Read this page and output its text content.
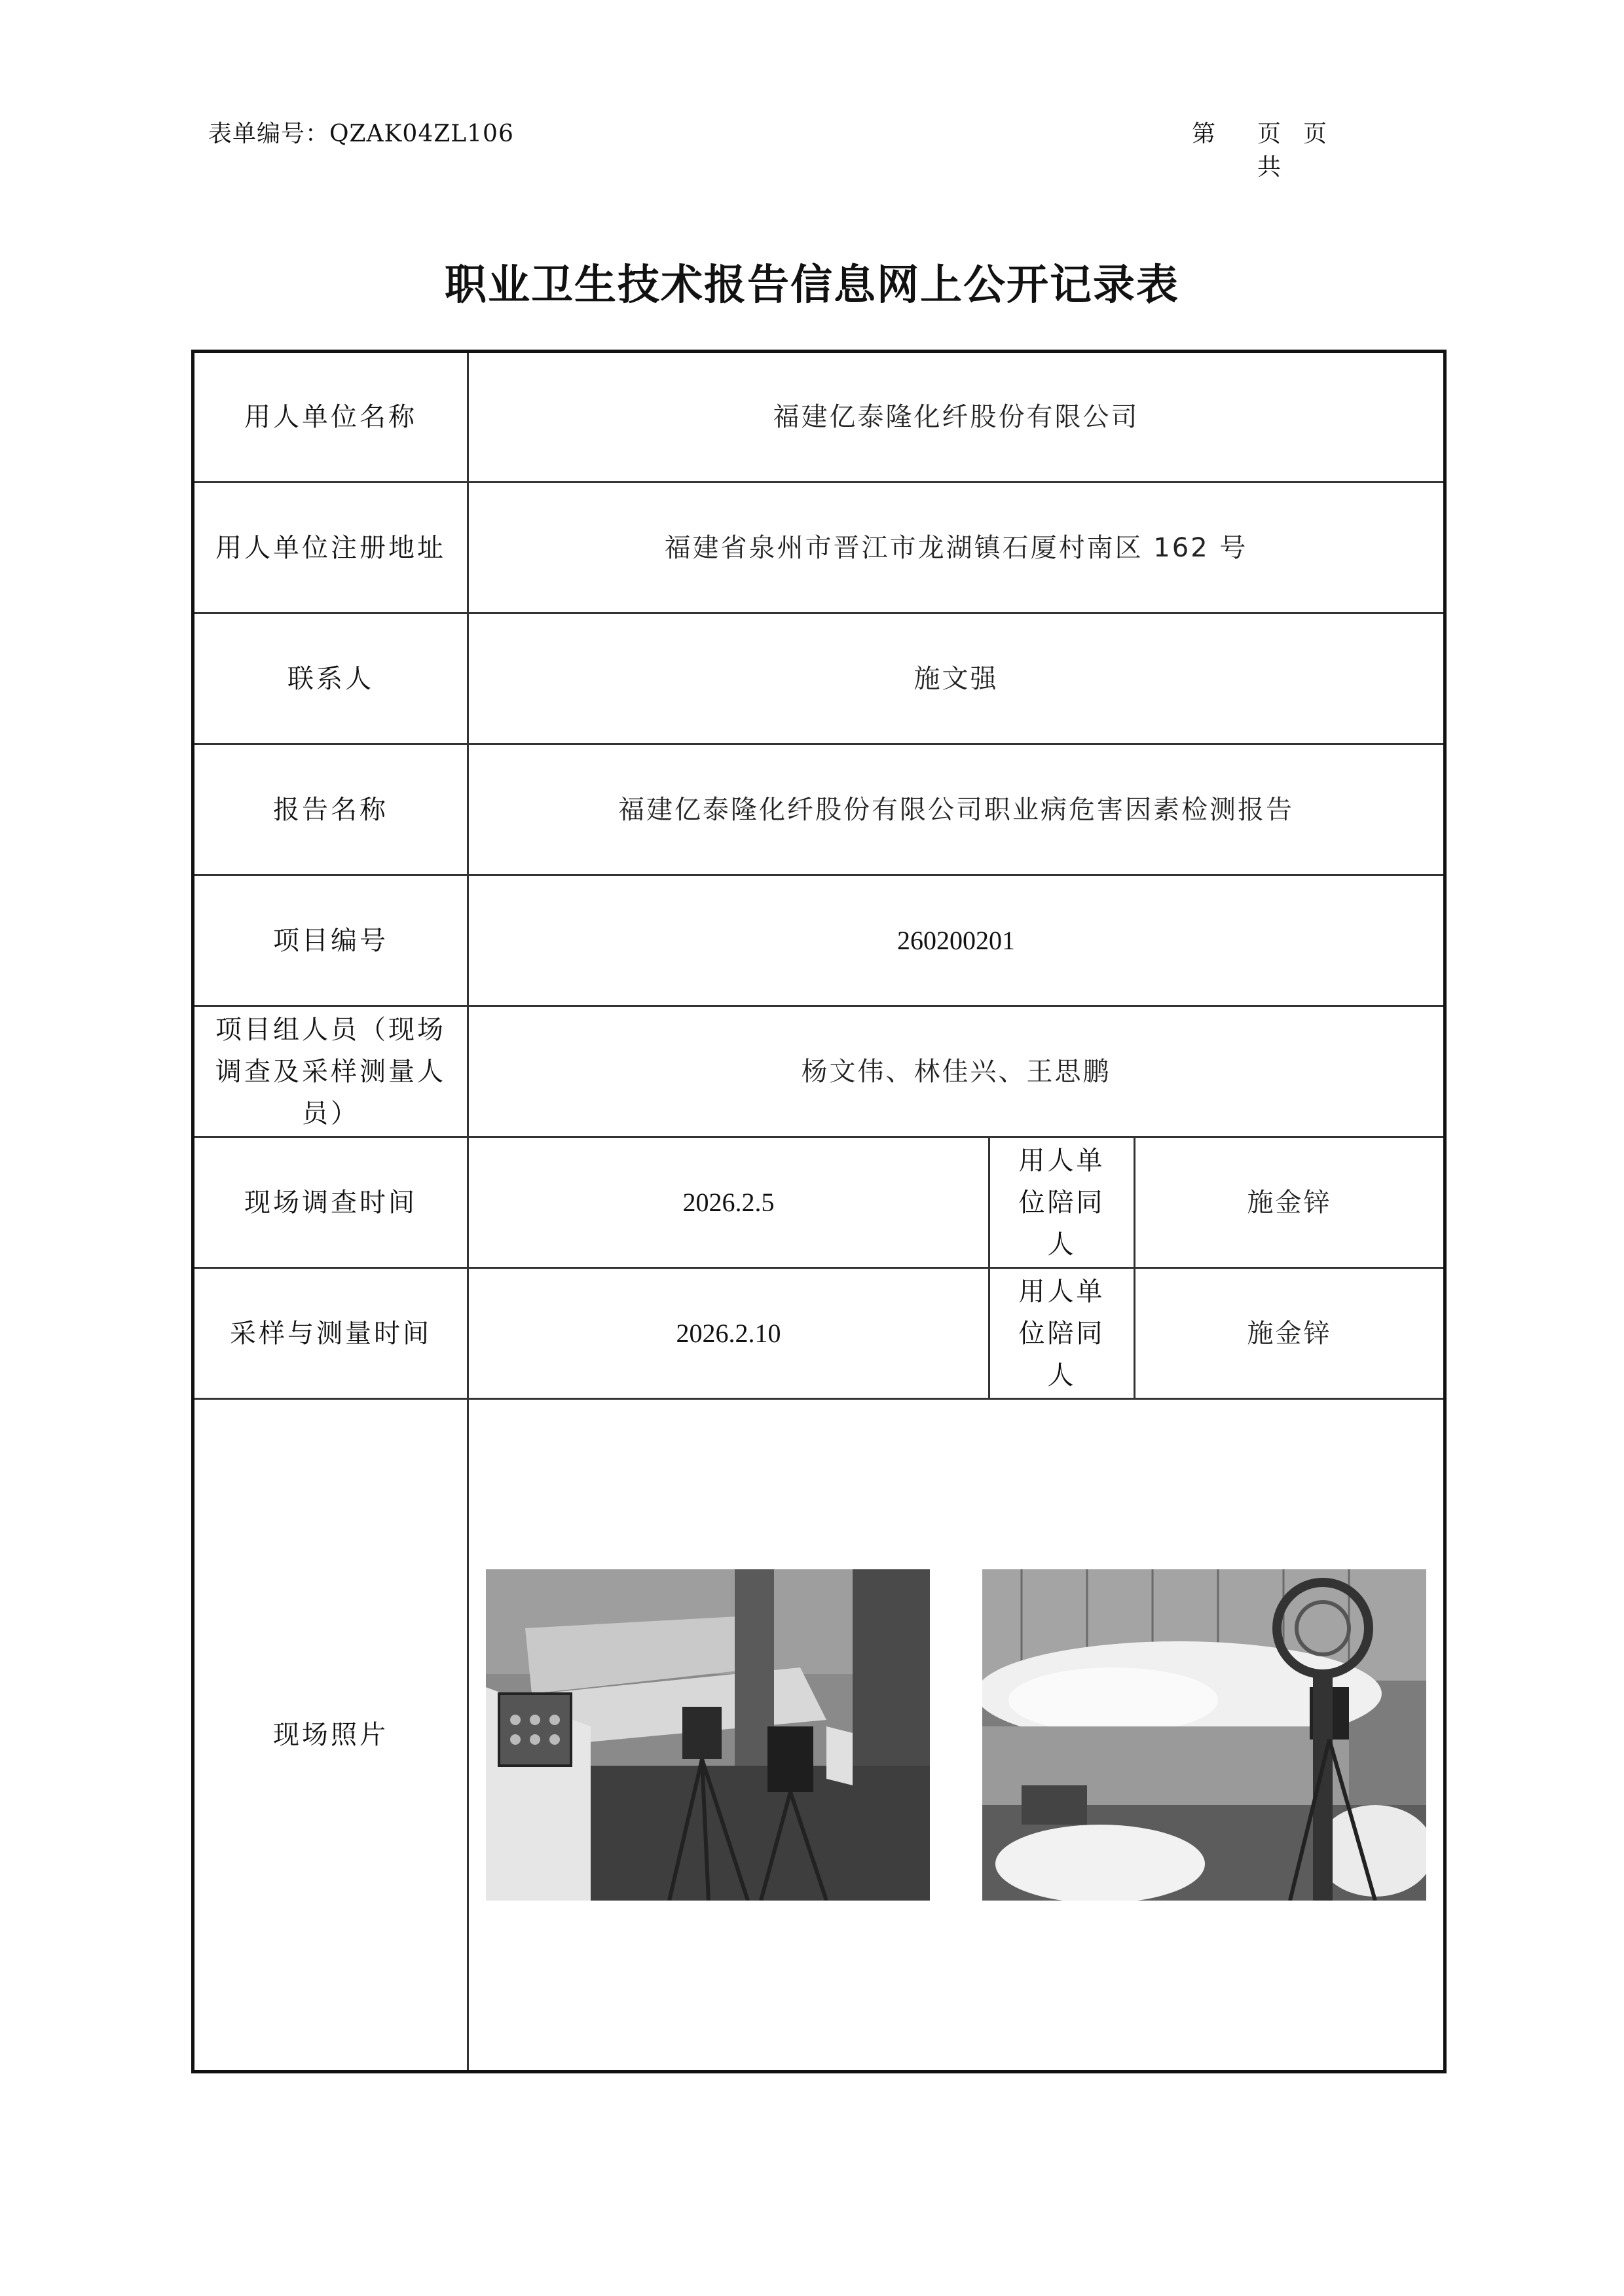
表单编号：QZAK04ZL106	第	页 共
页
职业卫生技术报告信息网上公开记录表
用人单位名称	福建亿泰隆化纤股份有限公司		
用人单位注册地址	福建省泉州市晋江市龙湖镇石厦村南区 162 号		
联系人	施文强		
报告名称	福建亿泰隆化纤股份有限公司职业病危害因素检测报告		
项目编号	260200201		
项目组人员（现场调查及采样测量人员）	杨文伟、林佳兴、王思鹏		
现场调查时间	2026.2.5	用人单位陪同人	施金锌
采样与测量时间	2026.2.10	用人单位陪同人	施金锌
现场照片	
